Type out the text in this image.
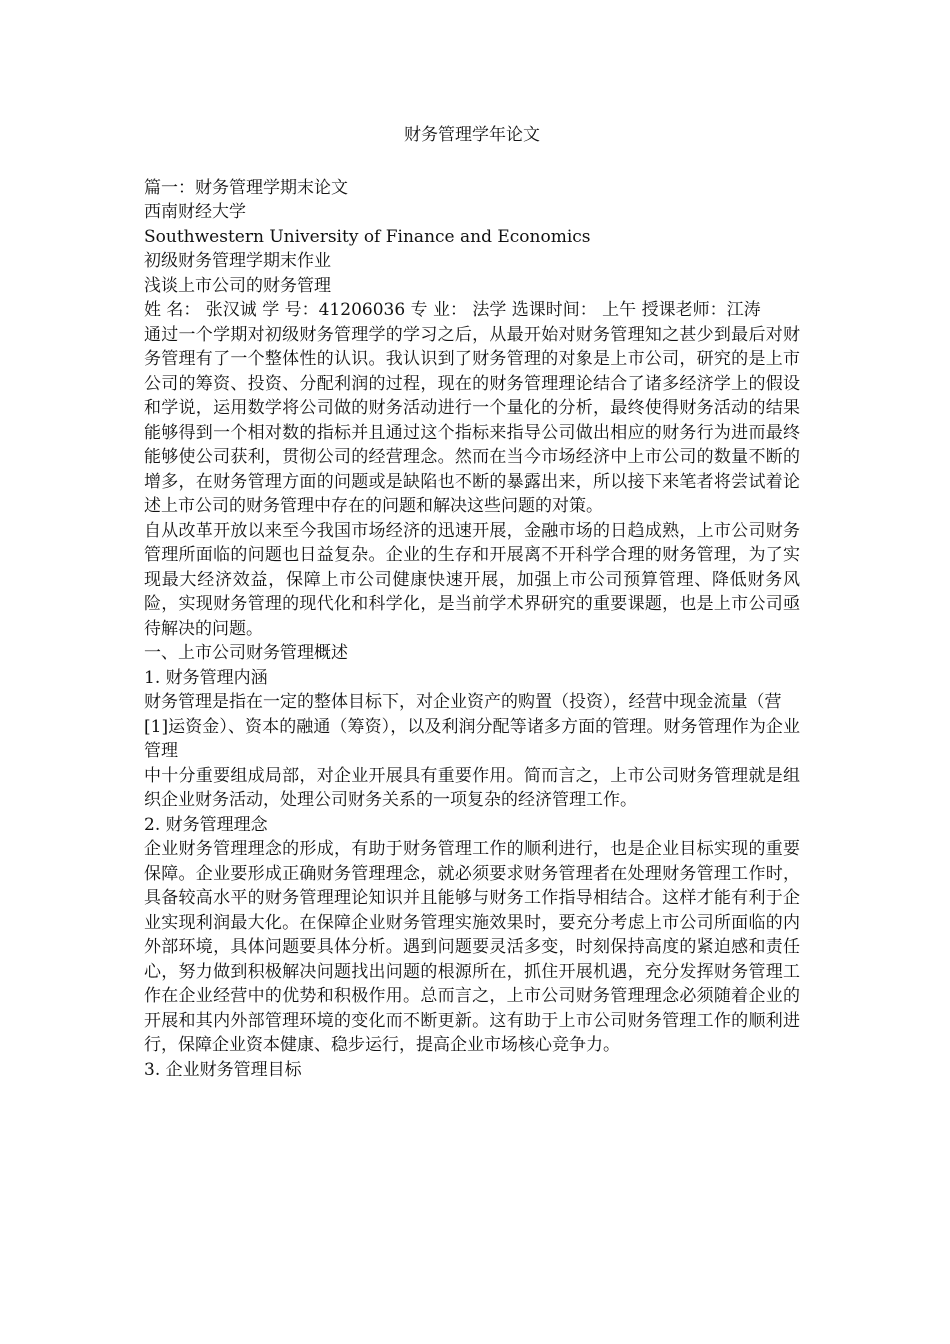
财务管理学年论文

篇一：财务管理学期末论文

西南财经大学

Southwestern University of Finance and Economics

初级财务管理学期末作业

浅谈上市公司的财务管理

姓 名： 张汉诚 学 号：41206036 专 业： 法学 选课时间： 上午 授课老师：江涛

通过一个学期对初级财务管理学的学习之后，从最开始对财务管理知之甚少到最后对财务管理有了一个整体性的认识。我认识到了财务管理的对象是上市公司，研究的是上市公司的筹资、投资、分配利润的过程，现在的财务管理理论结合了诸多经济学上的假设和学说，运用数学将公司做的财务活动进行一个量化的分析，最终使得财务活动的结果能够得到一个相对数的指标并且通过这个指标来指导公司做出相应的财务行为进而最终能够使公司获利，贯彻公司的经营理念。然而在当今市场经济中上市公司的数量不断的增多，在财务管理方面的问题或是缺陷也不断的暴露出来，所以接下来笔者将尝试着论述上市公司的财务管理中存在的问题和解决这些问题的对策。

自从改革开放以来至今我国市场经济的迅速开展，金融市场的日趋成熟，上市公司财务管理所面临的问题也日益复杂。企业的生存和开展离不开科学合理的财务管理，为了实现最大经济效益，保障上市公司健康快速开展，加强上市公司预算管理、降低财务风险，实现财务管理的现代化和科学化，是当前学术界研究的重要课题，也是上市公司亟待解决的问题。

一、上市公司财务管理概述

1. 财务管理内涵

财务管理是指在一定的整体目标下，对企业资产的购置（投资），经营中现金流量（营

[1]运资金）、资本的融通（筹资），以及利润分配等诸多方面的管理。财务管理作为企业管理

中十分重要组成局部，对企业开展具有重要作用。简而言之，上市公司财务管理就是组织企业财务活动，处理公司财务关系的一项复杂的经济管理工作。

2. 财务管理理念

企业财务管理理念的形成，有助于财务管理工作的顺利进行，也是企业目标实现的重要保障。企业要形成正确财务管理理念，就必须要求财务管理者在处理财务管理工作时，具备较高水平的财务管理理论知识并且能够与财务工作指导相结合。这样才能有利于企业实现利润最大化。在保障企业财务管理实施效果时，要充分考虑上市公司所面临的内外部环境，具体问题要具体分析。遇到问题要灵活多变，时刻保持高度的紧迫感和责任心，努力做到积极解决问题找出问题的根源所在，抓住开展机遇，充分发挥财务管理工作在企业经营中的优势和积极作用。总而言之，上市公司财务管理理念必须随着企业的开展和其内外部管理环境的变化而不断更新。这有助于上市公司财务管理工作的顺利进行，保障企业资本健康、稳步运行，提高企业市场核心竞争力。

3. 企业财务管理目标
